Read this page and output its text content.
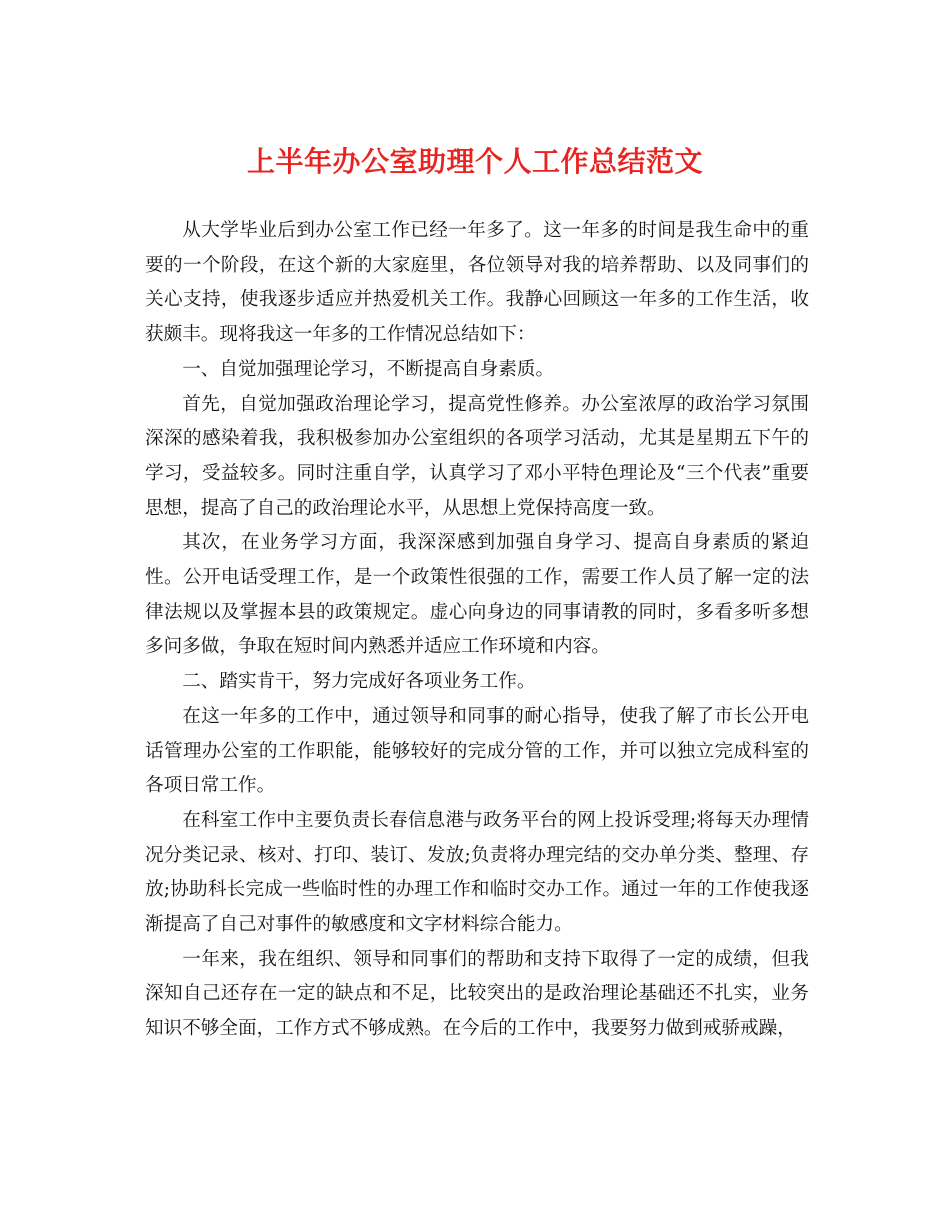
上半年办公室助理个人工作总结范文

从大学毕业后到办公室工作已经一年多了。这一年多的时间是我生命中的重要的一个阶段，在这个新的大家庭里，各位领导对我的培养帮助、以及同事们的关心支持，使我逐步适应并热爱机关工作。我静心回顾这一年多的工作生活，收获颇丰。现将我这一年多的工作情况总结如下：

一、自觉加强理论学习，不断提高自身素质。

首先，自觉加强政治理论学习，提高党性修养。办公室浓厚的政治学习氛围深深的感染着我，我积极参加办公室组织的各项学习活动，尤其是星期五下午的学习，受益较多。同时注重自学，认真学习了邓小平特色理论及“三个代表”重要思想，提高了自己的政治理论水平，从思想上党保持高度一致。

其次，在业务学习方面，我深深感到加强自身学习、提高自身素质的紧迫性。公开电话受理工作，是一个政策性很强的工作，需要工作人员了解一定的法律法规以及掌握本县的政策规定。虚心向身边的同事请教的同时，多看多听多想多问多做，争取在短时间内熟悉并适应工作环境和内容。

二、踏实肯干，努力完成好各项业务工作。

在这一年多的工作中，通过领导和同事的耐心指导，使我了解了市长公开电话管理办公室的工作职能，能够较好的完成分管的工作，并可以独立完成科室的各项日常工作。

在科室工作中主要负责长春信息港与政务平台的网上投诉受理;将每天办理情况分类记录、核对、打印、装订、发放;负责将办理完结的交办单分类、整理、存放;协助科长完成一些临时性的办理工作和临时交办工作。通过一年的工作使我逐渐提高了自己对事件的敏感度和文字材料综合能力。

一年来，我在组织、领导和同事们的帮助和支持下取得了一定的成绩，但我深知自己还存在一定的缺点和不足，比较突出的是政治理论基础还不扎实，业务知识不够全面，工作方式不够成熟。在今后的工作中，我要努力做到戒骄戒躁，
